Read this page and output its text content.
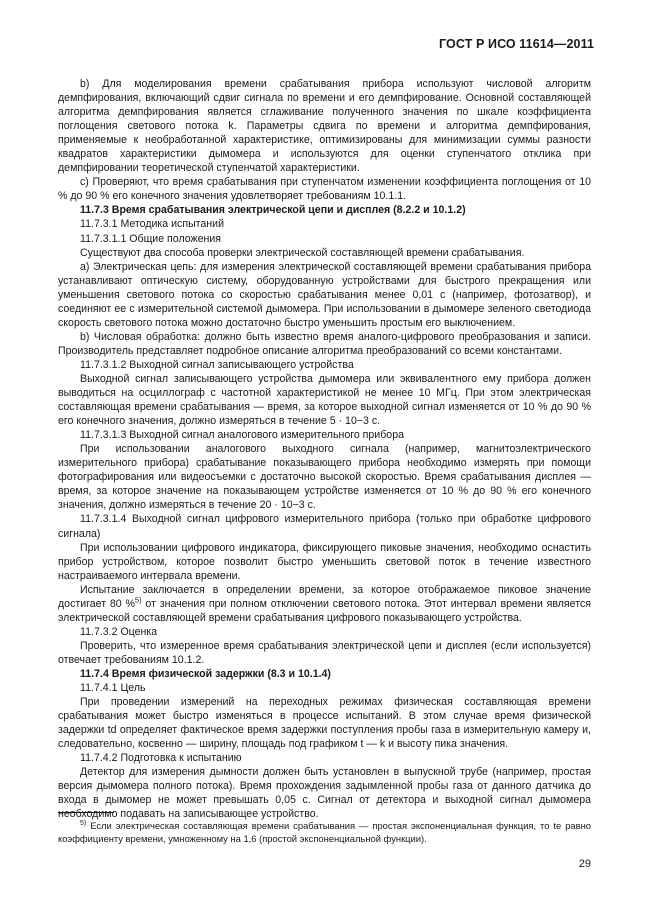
ГОСТ Р ИСО 11614—2011

b) Для моделирования времени срабатывания прибора используют числовой алгоритм демпфирования, включающий сдвиг сигнала по времени и его демпфирование. Основной составляющей алгоритма демпфирования является сглаживание полученного значения по шкале коэффициента поглощения светового потока k. Параметры сдвига по времени и алгоритма демпфирования, применяемые к необработанной характеристике, оптимизированы для минимизации суммы разности квадратов характеристики дымомера и используются для оценки ступенчатого отклика при демпфировании теоретической ступенчатой характеристики.

c) Проверяют, что время срабатывания при ступенчатом изменении коэффициента поглощения от 10 % до 90 % его конечного значения удовлетворяет требованиям 10.1.1.

11.7.3 Время срабатывания электрической цепи и дисплея (8.2.2 и 10.1.2)

11.7.3.1 Методика испытаний

11.7.3.1.1 Общие положения

Существуют два способа проверки электрической составляющей времени срабатывания.

а) Электрическая цепь: для измерения электрической составляющей времени срабатывания прибора устанавливают оптическую систему, оборудованную устройствами для быстрого прекращения или уменьшения светового потока со скоростью срабатывания менее 0,01 с (например, фотозатвор), и соединяют ее с измерительной системой дымомера. При использовании в дымомере зеленого светодиода скорость светового потока можно достаточно быстро уменьшить простым его выключением.

b) Числовая обработка: должно быть известно время аналого-цифрового преобразования и записи. Производитель представляет подробное описание алгоритма преобразований со всеми константами.

11.7.3.1.2 Выходной сигнал записывающего устройства

Выходной сигнал записывающего устройства дымомера или эквивалентного ему прибора должен выводиться на осциллограф с частотной характеристикой не менее 10 МГц. При этом электрическая составляющая времени срабатывания — время, за которое выходной сигнал изменяется от 10 % до 90 % его конечного значения, должно измеряться в течение 5 · 10−3 с.

11.7.3.1.3 Выходной сигнал аналогового измерительного прибора

При использовании аналогового выходного сигнала (например, магнитоэлектрического измерительного прибора) срабатывание показывающего прибора необходимо измерять при помощи фотографирования или видеосъемки с достаточно высокой скоростью. Время срабатывания дисплея — время, за которое значение на показывающем устройстве изменяется от 10 % до 90 % его конечного значения, должно измеряться в течение 20 · 10−3 с.

11.7.3.1.4 Выходной сигнал цифрового измерительного прибора (только при обработке цифрового сигнала)

При использовании цифрового индикатора, фиксирующего пиковые значения, необходимо оснастить прибор устройством, которое позволит быстро уменьшить световой поток в течение известного настраиваемого интервала времени.

Испытание заключается в определении времени, за которое отображаемое пиковое значение достигает 80 %$^{5)}$ от значения при полном отключении светового потока. Этот интервал времени является электрической составляющей времени срабатывания цифрового показывающего устройства.

11.7.3.2 Оценка

Проверить, что измеренное время срабатывания электрической цепи и дисплея (если используется) отвечает требованиям 10.1.2.

11.7.4 Время физической задержки (8.3 и 10.1.4)

11.7.4.1 Цель

При проведении измерений на переходных режимах физическая составляющая времени срабатывания может быстро изменяться в процессе испытаний. В этом случае время физической задержки td определяет фактическое время задержки поступления пробы газа в измерительную камеру и, следовательно, косвенно — ширину, площадь под графиком t — k и высоту пика значения.

11.7.4.2 Подготовка к испытанию

Детектор для измерения дымности должен быть установлен в выпускной трубе (например, простая версия дымомера полного потока). Время прохождения задымленной пробы газа от данного датчика до входа в дымомер не может превышать 0,05 с. Сигнал от детектора и выходной сигнал дымомера необходимо подавать на записывающее устройство.

$^{5)}$ Если электрическая составляющая времени срабатывания — простая экспоненциальная функция, то te равно коэффициенту времени, умноженному на 1,6 (простой экспоненциальной функции).

29
